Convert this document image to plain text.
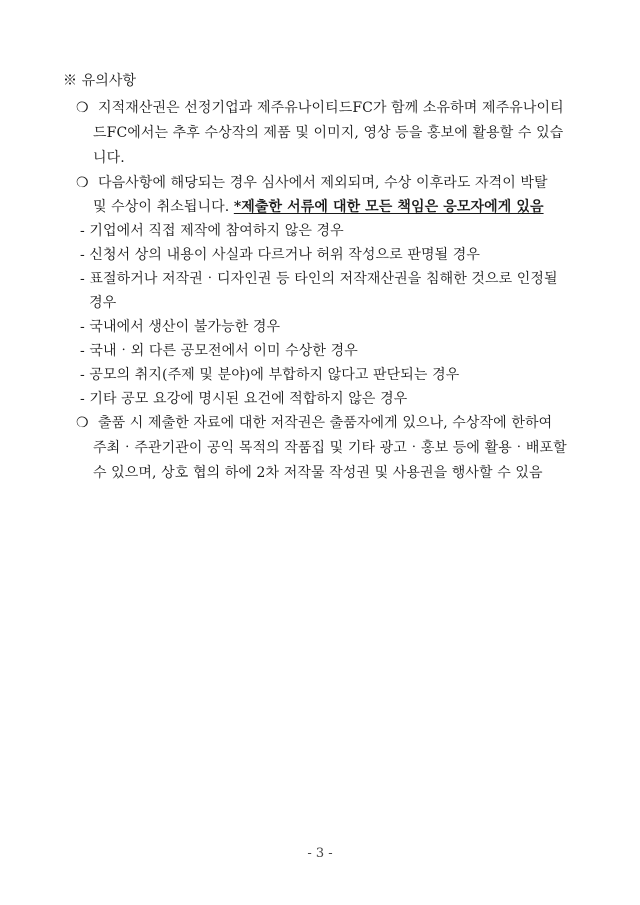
※ 유의사항
❍ 지적재산권은 선정기업과 제주유나이티드FC가 함께 소유하며 제주유나이티
드FC에서는 추후 수상작의 제품 및 이미지, 영상 등을 홍보에 활용할 수 있습
니다.
❍ 다음사항에 해당되는 경우 심사에서 제외되며, 수상 이후라도 자격이 박탈
및 수상이 취소됩니다. *제출한 서류에 대한 모든 책임은 응모자에게 있음
- 기업에서 직접 제작에 참여하지 않은 경우
- 신청서 상의 내용이 사실과 다르거나 허위 작성으로 판명될 경우
- 표절하거나 저작권‧디자인권 등 타인의 저작재산권을 침해한 것으로 인정될
경우
- 국내에서 생산이 불가능한 경우
- 국내‧외 다른 공모전에서 이미 수상한 경우
- 공모의 취지(주제 및 분야)에 부합하지 않다고 판단되는 경우
- 기타 공모 요강에 명시된 요건에 적합하지 않은 경우
❍ 출품 시 제출한 자료에 대한 저작권은 출품자에게 있으나, 수상작에 한하여
주최‧주관기관이 공익 목적의 작품집 및 기타 광고‧홍보 등에 활용‧배포할
수 있으며, 상호 협의 하에 2차 저작물 작성권 및 사용권을 행사할 수 있음
- 3 -
